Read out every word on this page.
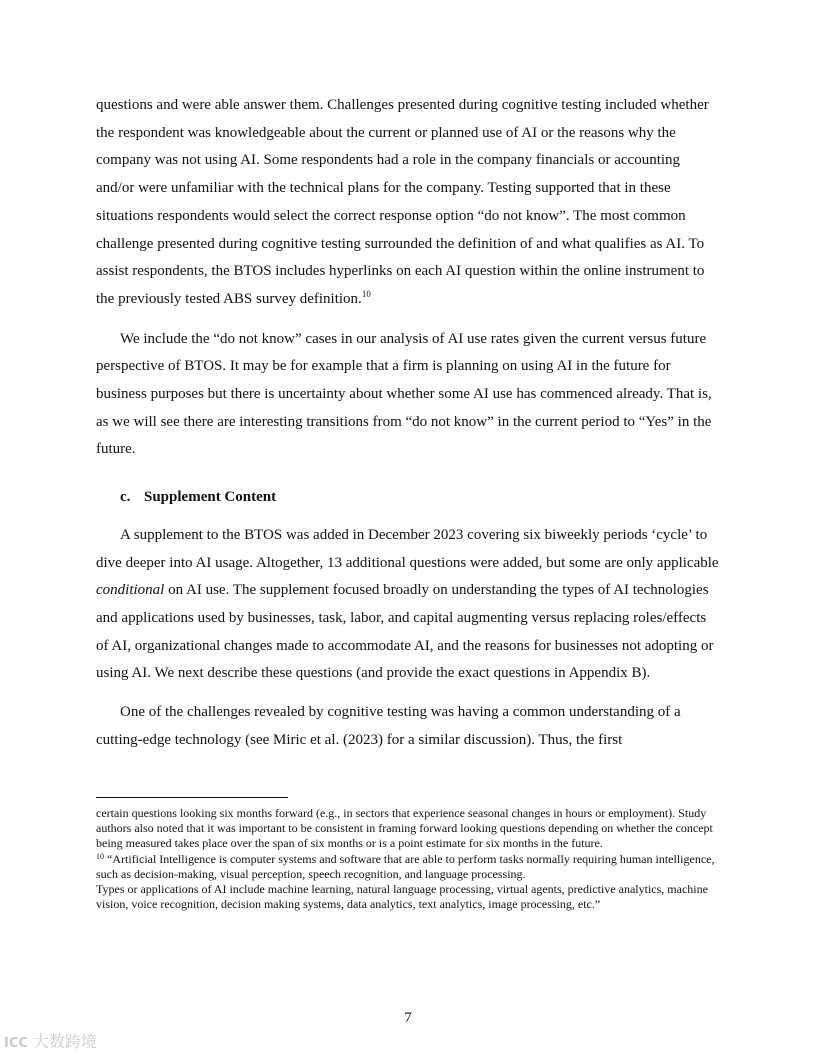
questions and were able answer them. Challenges presented during cognitive testing included whether the respondent was knowledgeable about the current or planned use of AI or the reasons why the company was not using AI. Some respondents had a role in the company financials or accounting and/or were unfamiliar with the technical plans for the company. Testing supported that in these situations respondents would select the correct response option “do not know”. The most common challenge presented during cognitive testing surrounded the definition of and what qualifies as AI. To assist respondents, the BTOS includes hyperlinks on each AI question within the online instrument to the previously tested ABS survey definition.$^{10}$

We include the “do not know” cases in our analysis of AI use rates given the current versus future perspective of BTOS. It may be for example that a firm is planning on using AI in the future for business purposes but there is uncertainty about whether some AI use has commenced already. That is, as we will see there are interesting transitions from “do not know” in the current period to “Yes” in the future.

c. Supplement Content

A supplement to the BTOS was added in December 2023 covering six biweekly periods ‘cycle’ to dive deeper into AI usage. Altogether, 13 additional questions were added, but some are only applicable conditional on AI use. The supplement focused broadly on understanding the types of AI technologies and applications used by businesses, task, labor, and capital augmenting versus replacing roles/effects of AI, organizational changes made to accommodate AI, and the reasons for businesses not adopting or using AI. We next describe these questions (and provide the exact questions in Appendix B).

One of the challenges revealed by cognitive testing was having a common understanding of a cutting-edge technology (see Miric et al. (2023) for a similar discussion). Thus, the first

certain questions looking six months forward (e.g., in sectors that experience seasonal changes in hours or employment). Study authors also noted that it was important to be consistent in framing forward looking questions depending on whether the concept being measured takes place over the span of six months or is a point estimate for six months in the future.

$^{10}$ “Artificial Intelligence is computer systems and software that are able to perform tasks normally requiring human intelligence, such as decision-making, visual perception, speech recognition, and language processing.

Types or applications of AI include machine learning, natural language processing, virtual agents, predictive analytics, machine vision, voice recognition, decision making systems, data analytics, text analytics, image processing, etc.”

7
ICC 大数跨境
